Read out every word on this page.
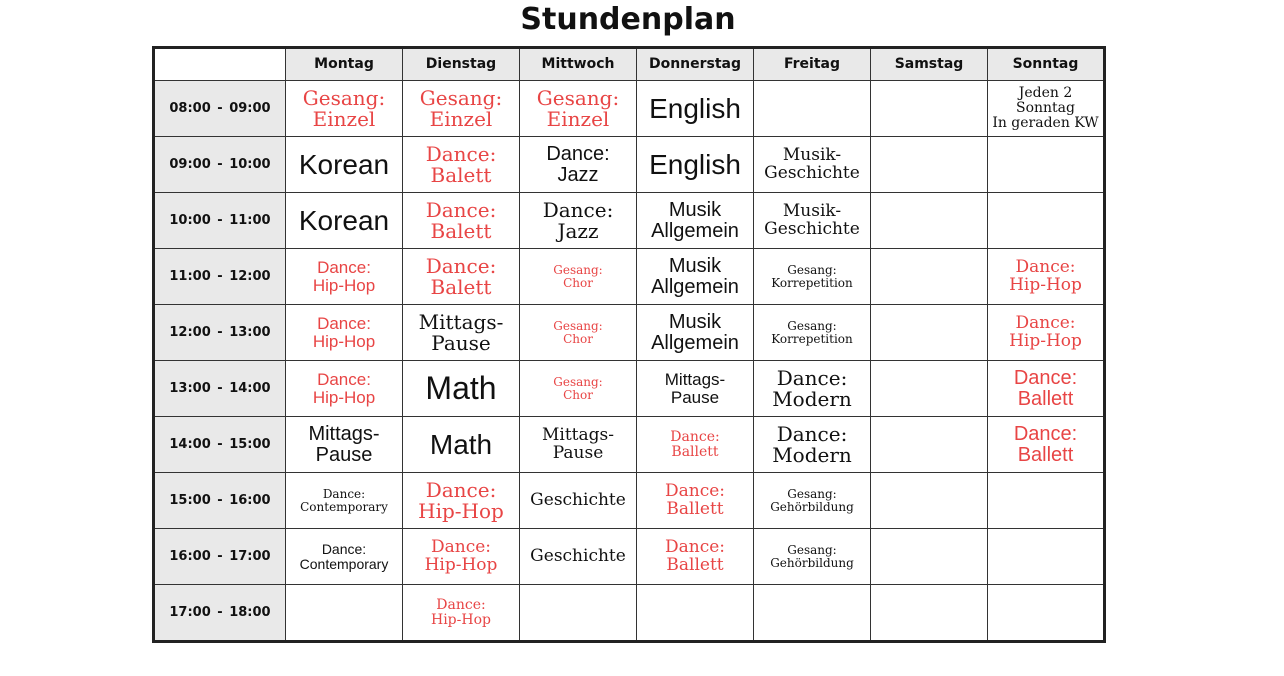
Stundenplan
	Montag	Dienstag	Mittwoch	Donnerstag	Freitag	Samstag	Sonntag
08:00 - 09:00	Gesang:
Einzel	Gesang:
Einzel	Gesang:
Einzel	English			Jeden 2 Sonntag
In geraden KW

09:00 - 10:00	Korean	Dance:
Balett	Dance:
Jazz	English	Musik-
Geschichte		

10:00 - 11:00	Korean	Dance:
Balett	Dance:
Jazz	Musik
Allgemein	Musik-
Geschichte		

11:00 - 12:00	Dance:
Hip-Hop	Dance:
Balett	Gesang:
Chor	Musik
Allgemein	Gesang:
Korrepetition		Dance:
Hip-Hop

12:00 - 13:00	Dance:
Hip-Hop	Mittags-
Pause	Gesang:
Chor	Musik
Allgemein	Gesang:
Korrepetition		Dance:
Hip-Hop

13:00 - 14:00	Dance:
Hip-Hop	Math	Gesang:
Chor	Mittags-
Pause	Dance:
Modern		Dance:
Ballett

14:00 - 15:00	Mittags-
Pause	Math	Mittags-
Pause	Dance:
Ballett	Dance:
Modern		Dance:
Ballett

15:00 - 16:00	Dance:
Contemporary	Dance:
Hip-Hop	Geschichte	Dance:
Ballett	Gesang:
Gehörbildung		

16:00 - 17:00	Dance:
Contemporary	Dance:
Hip-Hop	Geschichte	Dance:
Ballett	Gesang:
Gehörbildung		

17:00 - 18:00		Dance:
Hip-Hop					
